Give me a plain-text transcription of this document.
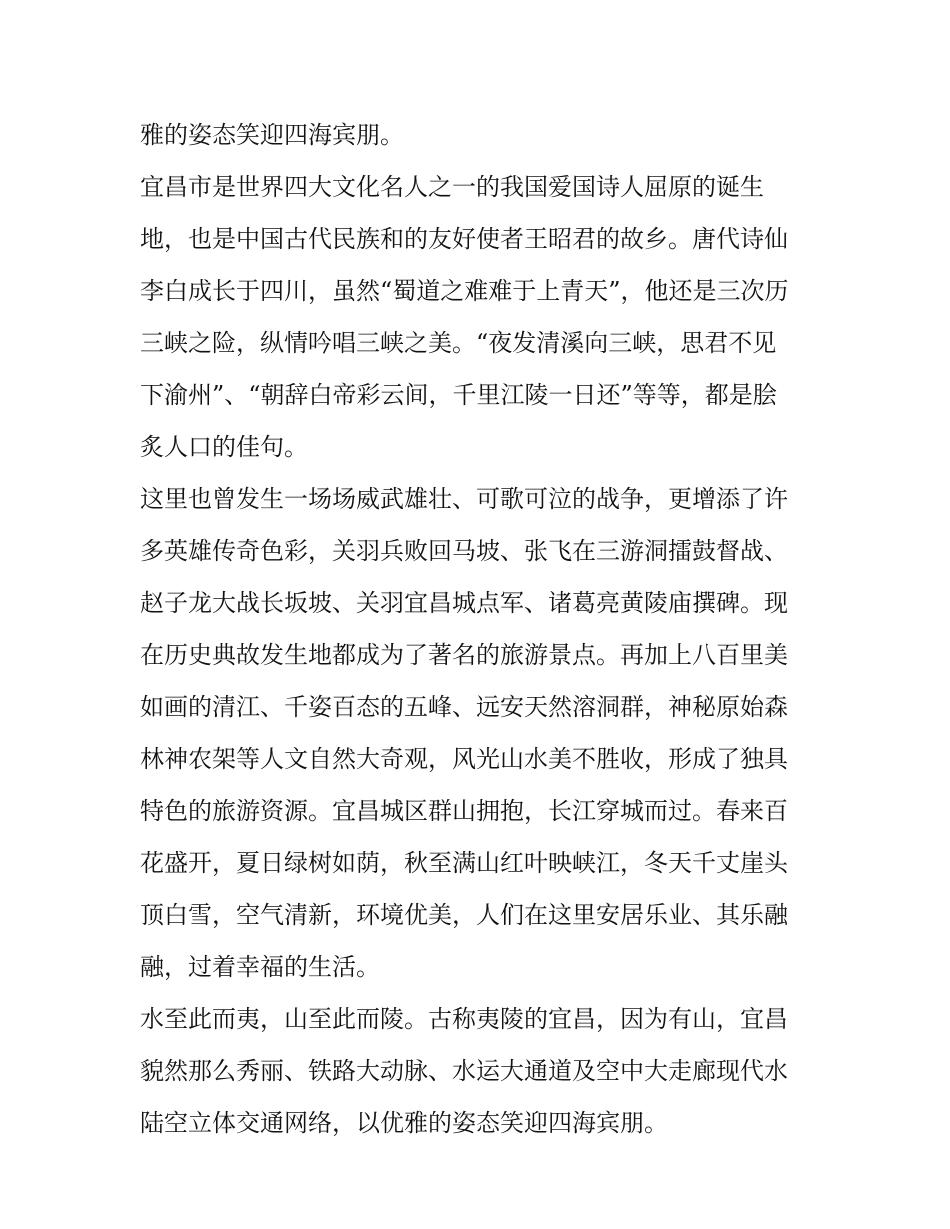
雅的姿态笑迎四海宾朋。
宜昌市是世界四大文化名人之一的我国爱国诗人屈原的诞生
地，也是中国古代民族和的友好使者王昭君的故乡。唐代诗仙
李白成长于四川，虽然“蜀道之难难于上青天”，他还是三次历
三峡之险，纵情吟唱三峡之美。“夜发清溪向三峡，思君不见
下渝州”、“朝辞白帝彩云间，千里江陵一日还”等等，都是脍
炙人口的佳句。
这里也曾发生一场场威武雄壮、可歌可泣的战争，更增添了许
多英雄传奇色彩，关羽兵败回马坡、张飞在三游洞擂鼓督战、
赵子龙大战长坂坡、关羽宜昌城点军、诸葛亮黄陵庙撰碑。现
在历史典故发生地都成为了著名的旅游景点。再加上八百里美
如画的清江、千姿百态的五峰、远安天然溶洞群，神秘原始森
林神农架等人文自然大奇观，风光山水美不胜收，形成了独具
特色的旅游资源。宜昌城区群山拥抱，长江穿城而过。春来百
花盛开，夏日绿树如荫，秋至满山红叶映峡江，冬天千丈崖头
顶白雪，空气清新，环境优美，人们在这里安居乐业、其乐融
融，过着幸福的生活。
水至此而夷，山至此而陵。古称夷陵的宜昌，因为有山，宜昌
貌然那么秀丽、铁路大动脉、水运大通道及空中大走廊现代水
陆空立体交通网络，以优雅的姿态笑迎四海宾朋。
